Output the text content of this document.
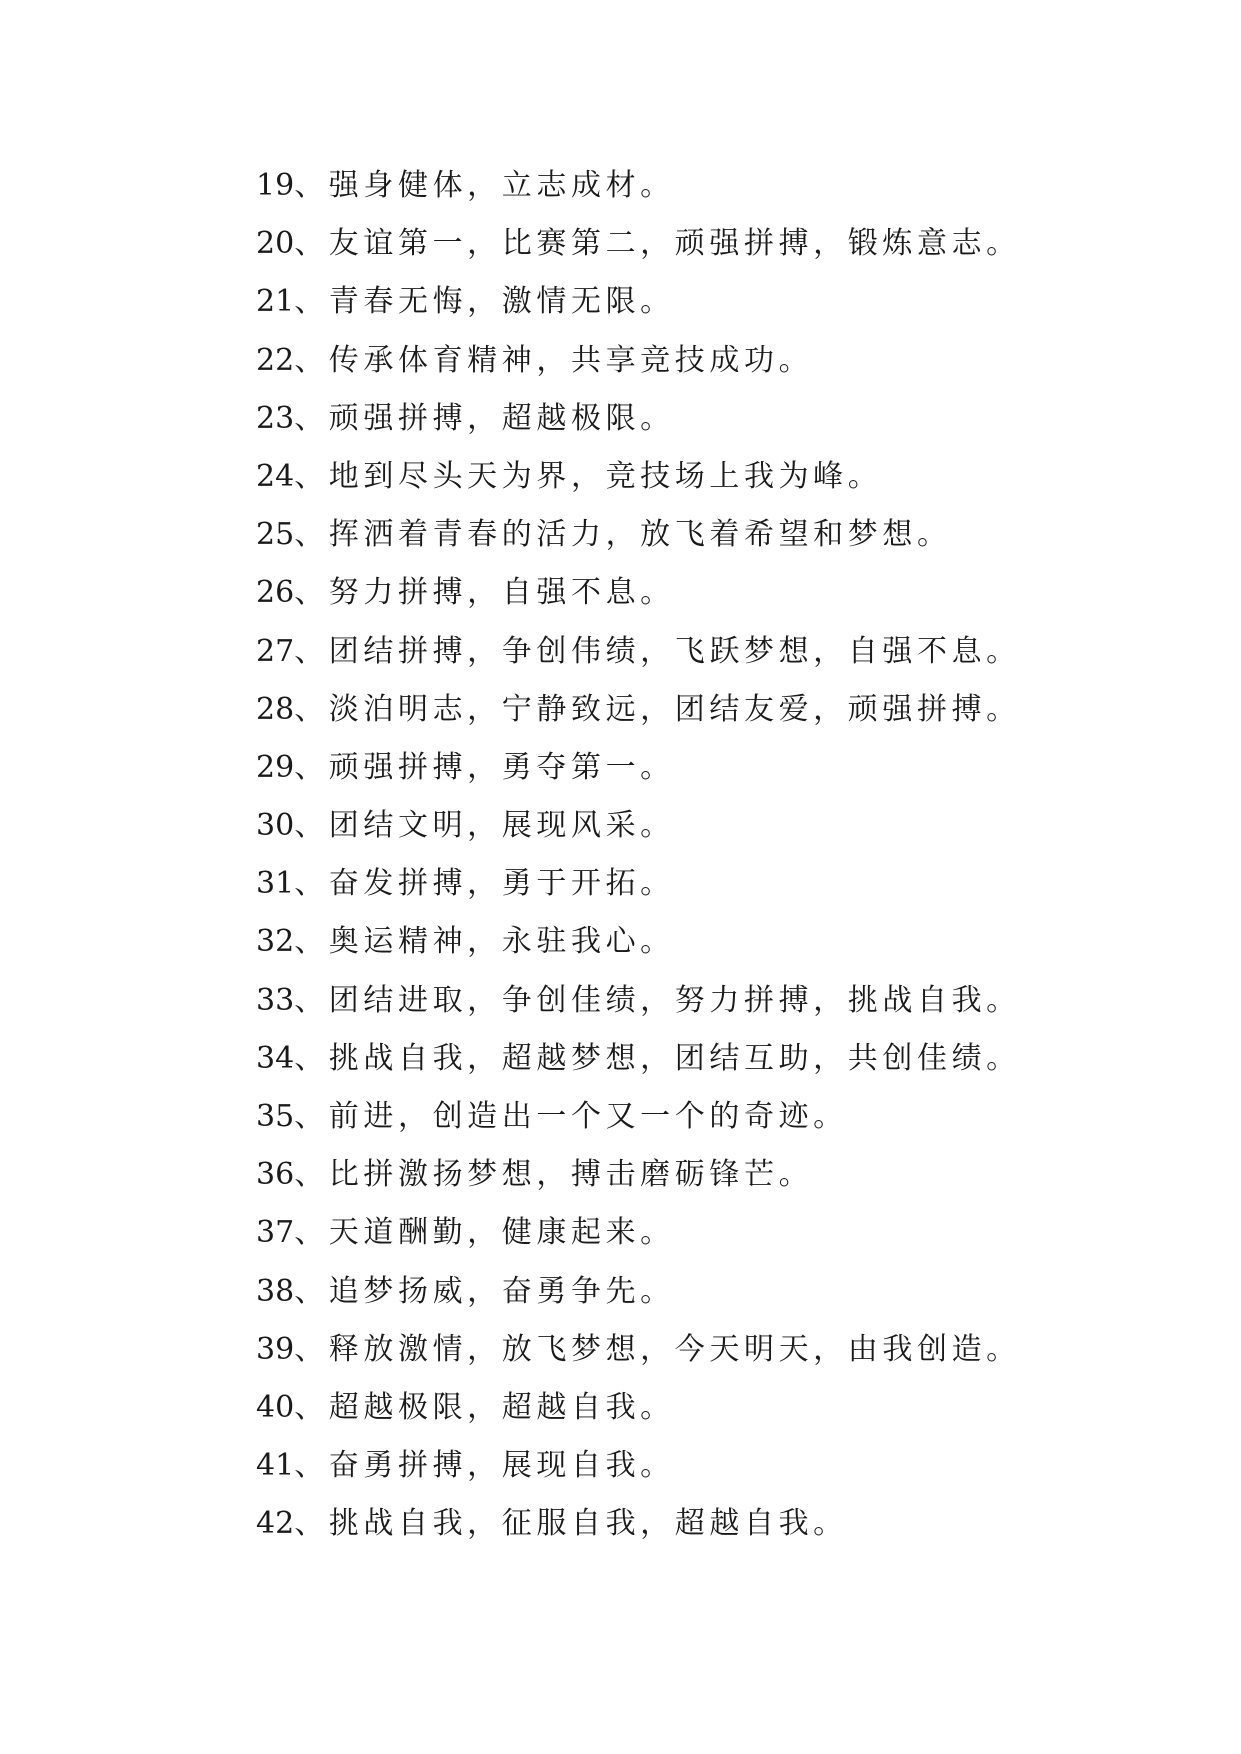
19、强身健体，立志成材。
20、友谊第一，比赛第二，顽强拼搏，锻炼意志。
21、青春无悔，激情无限。
22、传承体育精神，共享竞技成功。
23、顽强拼搏，超越极限。
24、地到尽头天为界，竞技场上我为峰。
25、挥洒着青春的活力，放飞着希望和梦想。
26、努力拼搏，自强不息。
27、团结拼搏，争创伟绩，飞跃梦想，自强不息。
28、淡泊明志，宁静致远，团结友爱，顽强拼搏。
29、顽强拼搏，勇夺第一。
30、团结文明，展现风采。
31、奋发拼搏，勇于开拓。
32、奥运精神，永驻我心。
33、团结进取，争创佳绩，努力拼搏，挑战自我。
34、挑战自我，超越梦想，团结互助，共创佳绩。
35、前进，创造出一个又一个的奇迹。
36、比拼激扬梦想，搏击磨砺锋芒。
37、天道酬勤，健康起来。
38、追梦扬威，奋勇争先。
39、释放激情，放飞梦想，今天明天，由我创造。
40、超越极限，超越自我。
41、奋勇拼搏，展现自我。
42、挑战自我，征服自我，超越自我。
